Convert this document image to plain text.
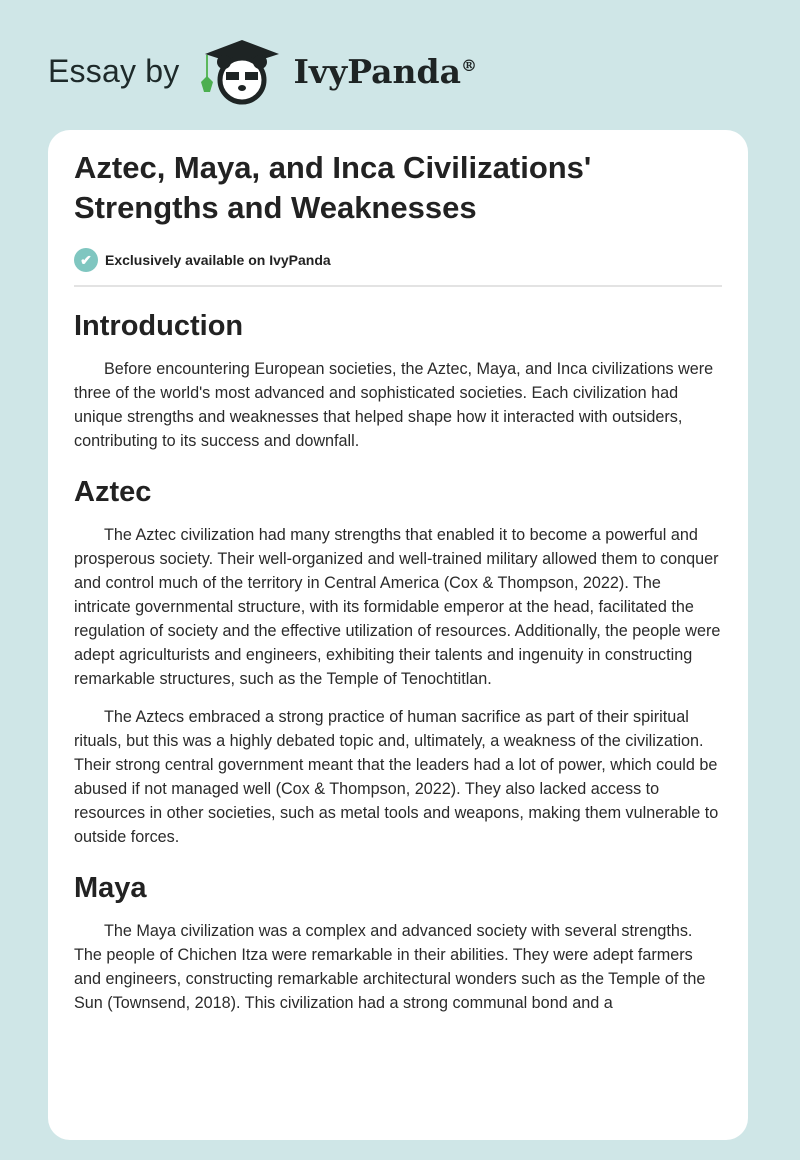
Essay by	IvyPanda®
Aztec, Maya, and Inca Civilizations' Strengths and Weaknesses
✔ Exclusively available on IvyPanda
Introduction

Before encountering European societies, the Aztec, Maya, and Inca civilizations were three of the world's most advanced and sophisticated societies. Each civilization had unique strengths and weaknesses that helped shape how it interacted with outsiders, contributing to its success and downfall.

Aztec

The Aztec civilization had many strengths that enabled it to become a powerful and prosperous society. Their well-organized and well-trained military allowed them to conquer and control much of the territory in Central America (Cox & Thompson, 2022). The intricate governmental structure, with its formidable emperor at the head, facilitated the regulation of society and the effective utilization of resources. Additionally, the people were adept agriculturists and engineers, exhibiting their talents and ingenuity in constructing remarkable structures, such as the Temple of Tenochtitlan.

The Aztecs embraced a strong practice of human sacrifice as part of their spiritual rituals, but this was a highly debated topic and, ultimately, a weakness of the civilization. Their strong central government meant that the leaders had a lot of power, which could be abused if not managed well (Cox & Thompson, 2022). They also lacked access to resources in other societies, such as metal tools and weapons, making them vulnerable to outside forces.

Maya

The Maya civilization was a complex and advanced society with several strengths. The people of Chichen Itza were remarkable in their abilities. They were adept farmers and engineers, constructing remarkable architectural wonders such as the Temple of the Sun (Townsend, 2018). This civilization had a strong communal bond and a
